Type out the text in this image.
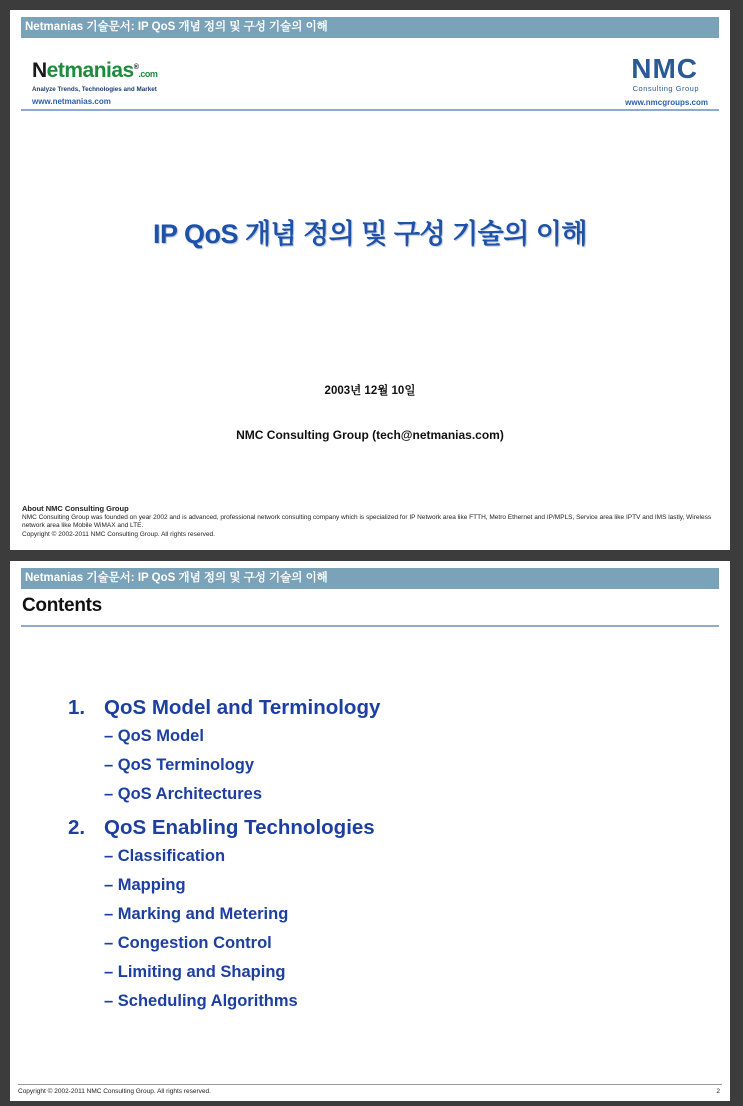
Netmanias 기술문서: IP QoS 개념 정의 및 구성 기술의 이해
Netmanias®.com
Analyze Trends, Technologies and Market
www.netmanias.com
NMC
Consulting Group
www.nmcgroups.com
IP QoS 개념 정의 및 구성 기술의 이해
2003년 12월 10일
NMC Consulting Group (tech@netmanias.com)
About NMC Consulting Group
NMC Consulting Group was founded on year 2002 and is advanced, professional network consulting company which is specialized for IP Network area like FTTH, Metro Ethernet and IP/MPLS, Service area like IPTV and IMS lastly, Wireless network area like Mobile WiMAX and LTE.
Copyright © 2002-2011 NMC Consulting Group. All rights reserved.
Netmanias 기술문서: IP QoS 개념 정의 및 구성 기술의 이해
Contents
1. QoS Model and Terminology
– QoS Model
– QoS Terminology
– QoS Architectures
2. QoS Enabling Technologies
– Classification
– Mapping
– Marking and Metering
– Congestion Control
– Limiting and Shaping
– Scheduling Algorithms
Copyright © 2002-2011 NMC Consulting Group. All rights reserved.	2
